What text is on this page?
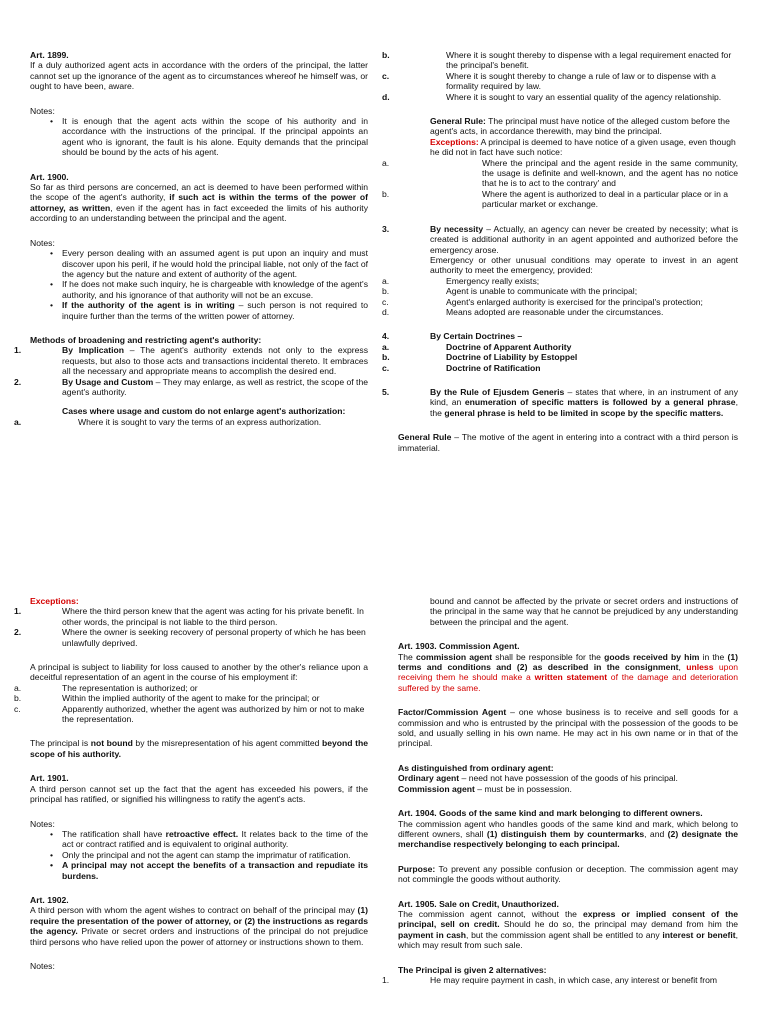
Art. 1899.

If a duly authorized agent acts in accordance with the orders of the principal, the latter cannot set up the ignorance of the agent as to circumstances whereof he himself was, or ought to have been, aware.

Notes:

• It is enough that the agent acts within the scope of his authority and in accordance with the instructions of the principal. If the principal appoints an agent who is ignorant, the fault is his alone. Equity demands that the principal should be bound by the acts of his agent.

Art. 1900.

So far as third persons are concerned, an act is deemed to have been performed within the scope of the agent's authority, if such act is within the terms of the power of attorney, as written, even if the agent has in fact exceeded the limits of his authority according to an understanding between the principal and the agent.

Notes:

• Every person dealing with an assumed agent is put upon an inquiry and must discover upon his peril, if he would hold the principal liable, not only of the fact of the agency but the nature and extent of authority of the agent.
• If he does not make such inquiry, he is chargeable with knowledge of the agent's authority, and his ignorance of that authority will not be an excuse.
• If the authority of the agent is in writing – such person is not required to inquire further than the terms of the written power of attorney.

Methods of broadening and restricting agent's authority:

1.	By Implication – The agent's authority extends not only to the express requests, but also to those acts and transactions incidental thereto. It embraces all the necessary and appropriate means to accomplish the desired end.
2.	By Usage and Custom – They may enlarge, as well as restrict, the scope of the agent's authority.

Cases where usage and custom do not enlarge agent's authorization:

a.	Where it is sought to vary the terms of an express authorization.
b.	Where it is sought thereby to dispense with a legal requirement enacted for the principal's benefit.
c.	Where it is sought thereby to change a rule of law or to dispense with a formality required by law.
d.	Where it is sought to vary an essential quality of the agency relationship.

General Rule: The principal must have notice of the alleged custom before the agent's acts, in accordance therewith, may bind the principal.

Exceptions: A principal is deemed to have notice of a given usage, even though he did not in fact have such notice:

a.	Where the principal and the agent reside in the same community, the usage is definite and well-known, and the agent has no notice that he is to act to the contrary' and
b.	Where the agent is authorized to deal in a particular place or in a particular market or exchange.
3.	By necessity – Actually, an agency can never be created by necessity; what is created is additional authority in an agent appointed and authorized before the emergency arose.

Emergency or other unusual conditions may operate to invest in an agent authority to meet the emergency, provided:

a.	Emergency really exists;
b.	Agent is unable to communicate with the principal;
c.	Agent's enlarged authority is exercised for the principal's protection;
d.	Means adopted are reasonable under the circumstances.
4.	By Certain Doctrines –
a.	Doctrine of Apparent Authority
b.	Doctrine of Liability by Estoppel
c.	Doctrine of Ratification
5.	By the Rule of Ejusdem Generis – states that where, in an instrument of any kind, an enumeration of specific matters is followed by a general phrase, the general phrase is held to be limited in scope by the specific matters.

General Rule – The motive of the agent in entering into a contract with a third person is immaterial.

Exceptions:

1.	Where the third person knew that the agent was acting for his private benefit. In other words, the principal is not liable to the third person.
2.	Where the owner is seeking recovery of personal property of which he has been unlawfully deprived.

A principal is subject to liability for loss caused to another by the other's reliance upon a deceitful representation of an agent in the course of his employment if:

a.	The representation is authorized; or
b.	Within the implied authority of the agent to make for the principal; or
c.	Apparently authorized, whether the agent was authorized by him or not to make the representation.

The principal is not bound by the misrepresentation of his agent committed beyond the scope of his authority.

Art. 1901.

A third person cannot set up the fact that the agent has exceeded his powers, if the principal has ratified, or signified his willingness to ratify the agent's acts.

Notes:

• The ratification shall have retroactive effect. It relates back to the time of the act or contract ratified and is equivalent to original authority.
• Only the principal and not the agent can stamp the imprimatur of ratification.
• A principal may not accept the benefits of a transaction and repudiate its burdens.

Art. 1902.

A third person with whom the agent wishes to contract on behalf of the principal may (1) require the presentation of the power of attorney, or (2) the instructions as regards the agency. Private or secret orders and instructions of the principal do not prejudice third persons who have relied upon the power of attorney or instructions shown to them.

Notes:

bound and cannot be affected by the private or secret orders and instructions of the principal in the same way that he cannot be prejudiced by any understanding between the principal and the agent.

Art. 1903. Commission Agent.

The commission agent shall be responsible for the goods received by him in the (1) terms and conditions and (2) as described in the consignment, unless upon receiving them he should make a written statement of the damage and deterioration suffered by the same.

Factor/Commission Agent – one whose business is to receive and sell goods for a commission and who is entrusted by the principal with the possession of the goods to be sold, and usually selling in his own name. He may act in his own name or in that of the principal.

As distinguished from ordinary agent:

Ordinary agent – need not have possession of the goods of his principal.

Commission agent – must be in possession.

Art. 1904. Goods of the same kind and mark belonging to different owners.

The commission agent who handles goods of the same kind and mark, which belong to different owners, shall (1) distinguish them by countermarks, and (2) designate the merchandise respectively belonging to each principal.

Purpose: To prevent any possible confusion or deception. The commission agent may not commingle the goods without authority.

Art. 1905. Sale on Credit, Unauthorized.

The commission agent cannot, without the express or implied consent of the principal, sell on credit. Should he do so, the principal may demand from him the payment in cash, but the commission agent shall be entitled to any interest or benefit, which may result from such sale.

The Principal is given 2 alternatives:

1.	He may require payment in cash, in which case, any interest or benefit from
